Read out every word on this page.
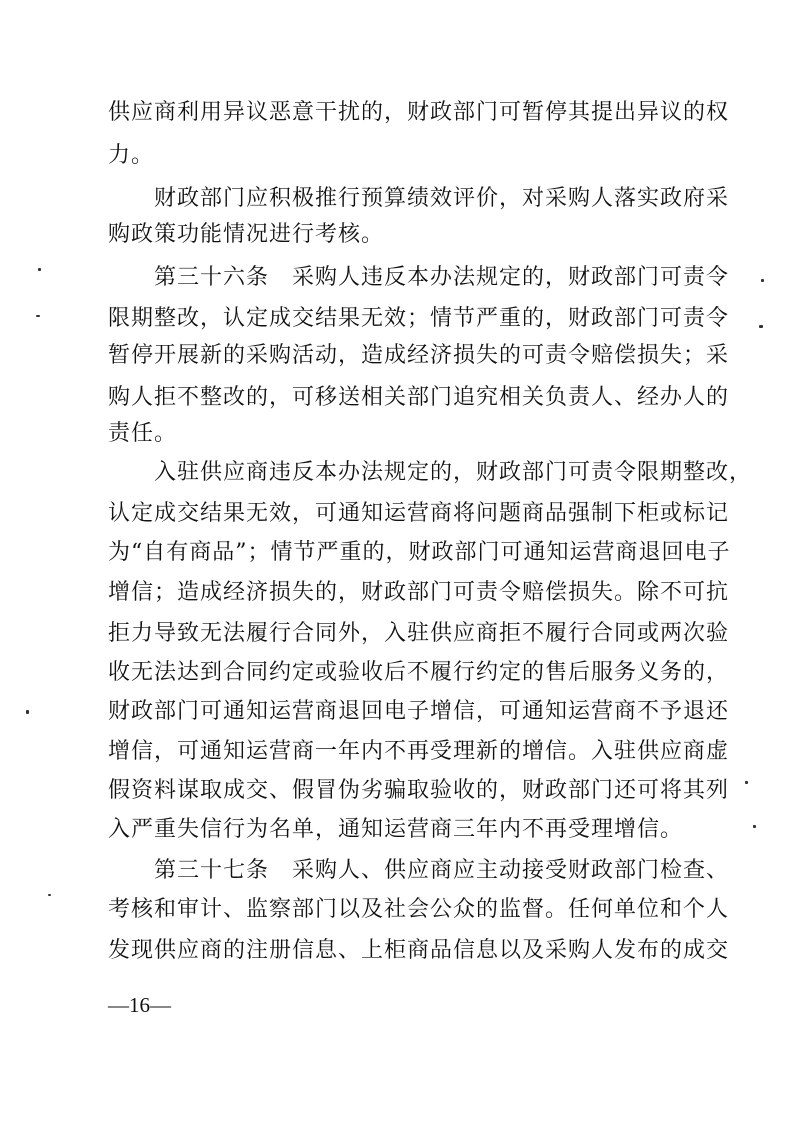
供应商利用异议恶意干扰的，财政部门可暂停其提出异议的权
力。
　　财政部门应积极推行预算绩效评价，对采购人落实政府采
购政策功能情况进行考核。
　　第三十六条　采购人违反本办法规定的，财政部门可责令
限期整改，认定成交结果无效；情节严重的，财政部门可责令
暂停开展新的采购活动，造成经济损失的可责令赔偿损失；采
购人拒不整改的，可移送相关部门追究相关负责人、经办人的
责任。
　　入驻供应商违反本办法规定的，财政部门可责令限期整改，
认定成交结果无效，可通知运营商将问题商品强制下柜或标记
为“自有商品”；情节严重的，财政部门可通知运营商退回电子
增信；造成经济损失的，财政部门可责令赔偿损失。除不可抗
拒力导致无法履行合同外，入驻供应商拒不履行合同或两次验
收无法达到合同约定或验收后不履行约定的售后服务义务的，
财政部门可通知运营商退回电子增信，可通知运营商不予退还
增信，可通知运营商一年内不再受理新的增信。入驻供应商虚
假资料谋取成交、假冒伪劣骗取验收的，财政部门还可将其列
入严重失信行为名单，通知运营商三年内不再受理增信。
　　第三十七条　采购人、供应商应主动接受财政部门检查、
考核和审计、监察部门以及社会公众的监督。任何单位和个人
发现供应商的注册信息、上柜商品信息以及采购人发布的成交
—16—
